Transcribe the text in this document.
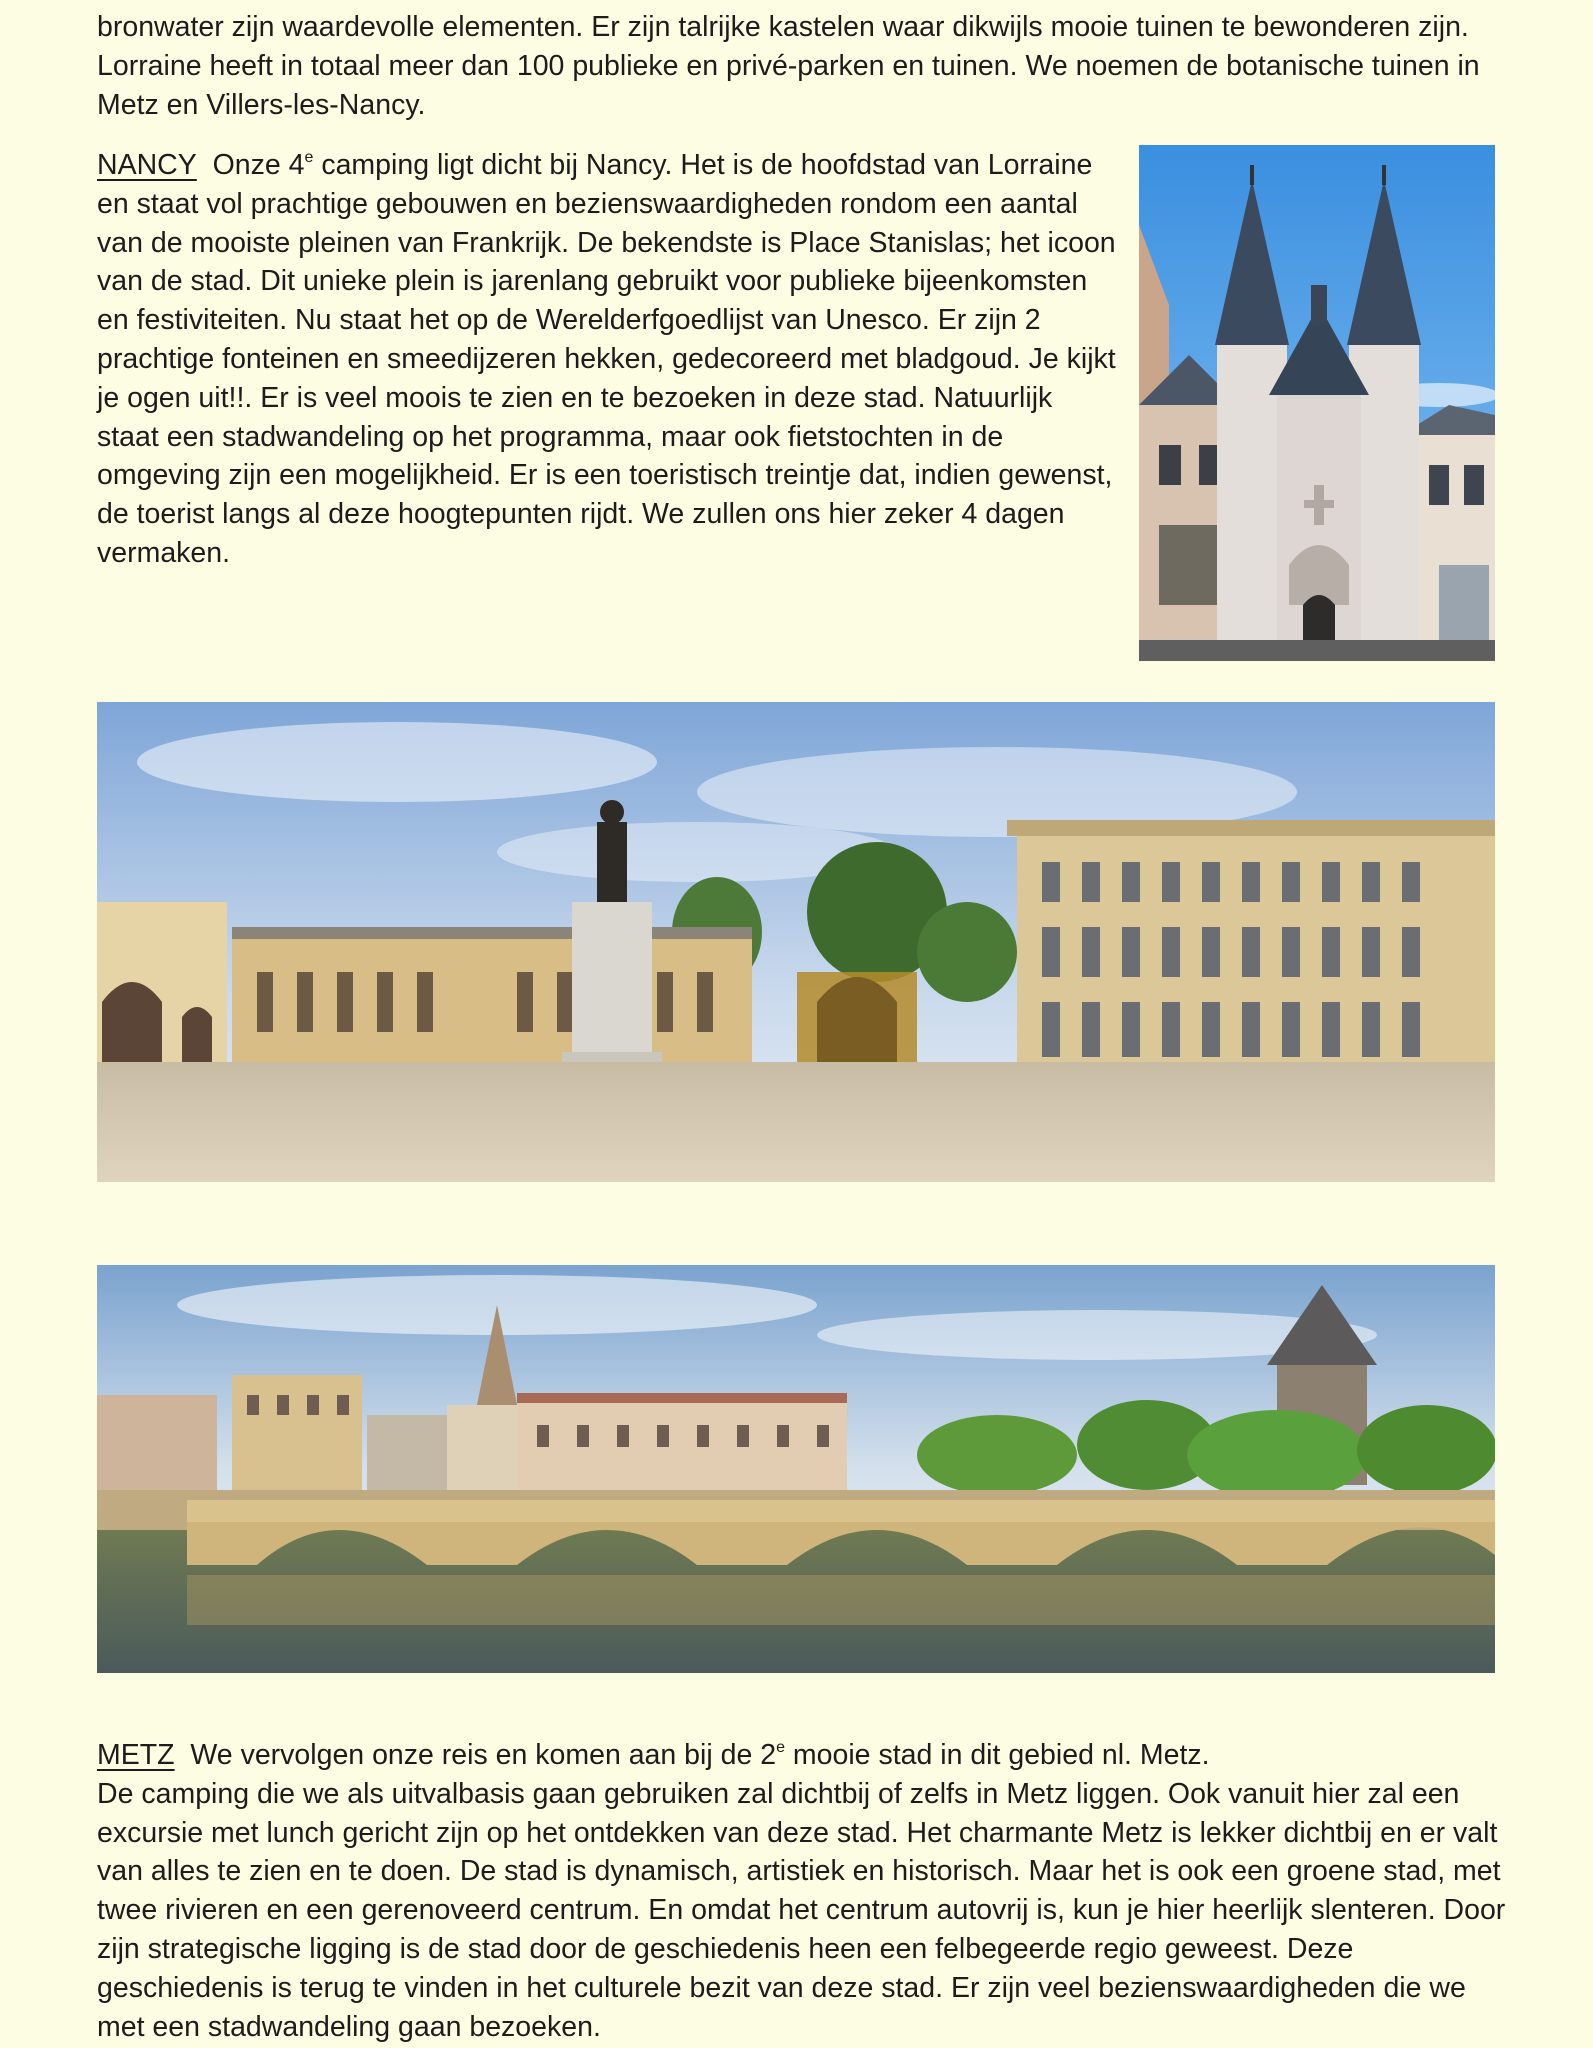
bronwater zijn waardevolle elementen. Er zijn talrijke kastelen waar dikwijls mooie tuinen te bewonderen zijn. Lorraine heeft in totaal meer dan 100 publieke en privé-parken en tuinen. We noemen de botanische tuinen in Metz en Villers-les-Nancy.

NANCY Onze 4e camping ligt dicht bij Nancy. Het is de hoofdstad van Lorraine en staat vol prachtige gebouwen en bezienswaardigheden rondom een aantal van de mooiste pleinen van Frankrijk. De bekendste is Place Stanislas; het icoon van de stad. Dit unieke plein is jarenlang gebruikt voor publieke bijeenkomsten en festiviteiten. Nu staat het op de Werelderfgoedlijst van Unesco. Er zijn 2 prachtige fonteinen en smeedijzeren hekken, gedecoreerd met bladgoud. Je kijkt je ogen uit!!. Er is veel moois te zien en te bezoeken in deze stad. Natuurlijk staat een stadwandeling op het programma, maar ook fietstochten in de omgeving zijn een mogelijkheid. Er is een toeristisch treintje dat, indien gewenst, de toerist langs al deze hoogtepunten rijdt. We zullen ons hier zeker 4 dagen vermaken.

METZ We vervolgen onze reis en komen aan bij de 2e mooie stad in dit gebied nl. Metz.
De camping die we als uitvalbasis gaan gebruiken zal dichtbij of zelfs in Metz liggen. Ook vanuit hier zal een excursie met lunch gericht zijn op het ontdekken van deze stad. Het charmante Metz is lekker dichtbij en er valt van alles te zien en te doen. De stad is dynamisch, artistiek en historisch. Maar het is ook een groene stad, met twee rivieren en een gerenoveerd centrum. En omdat het centrum autovrij is, kun je hier heerlijk slenteren. Door zijn strategische ligging is de stad door de geschiedenis heen een felbegeerde regio geweest. Deze geschiedenis is terug te vinden in het culturele bezit van deze stad. Er zijn veel bezienswaardigheden die we met een stadwandeling gaan bezoeken.
